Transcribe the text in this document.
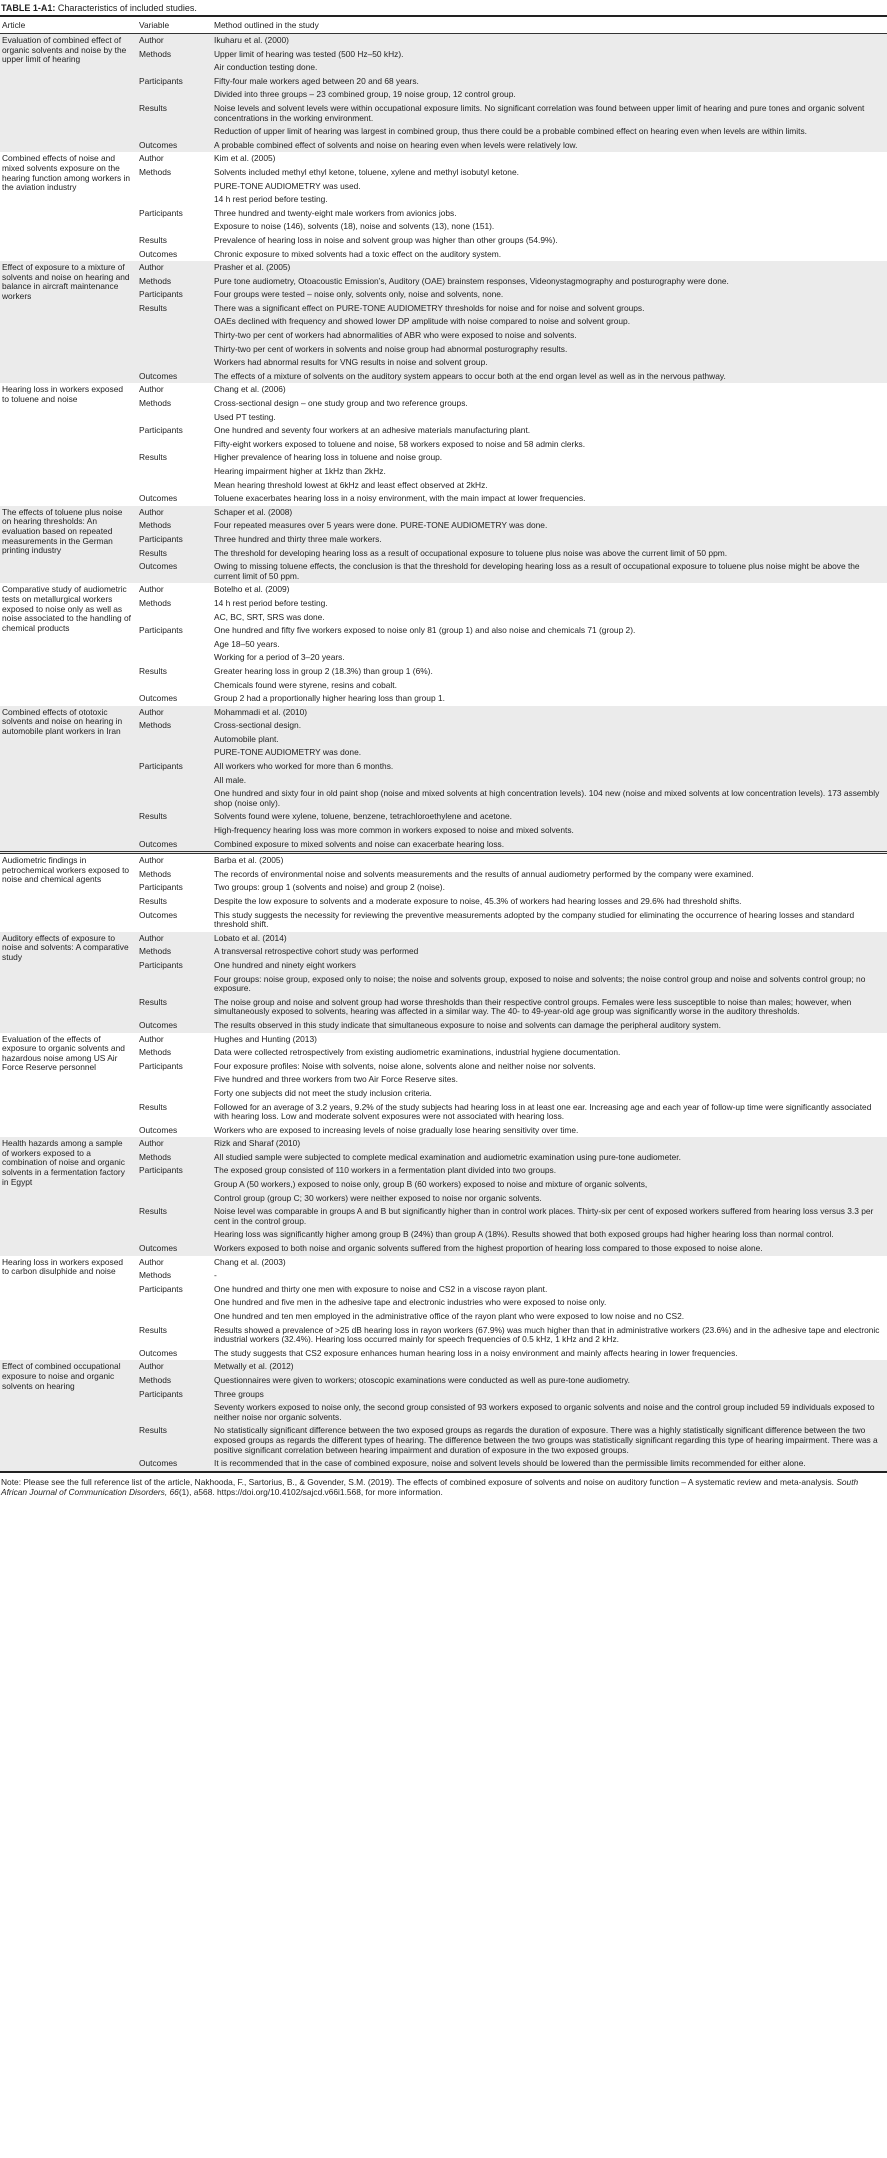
TABLE 1-A1: Characteristics of included studies.
Article	Variable	Method outlined in the study
Evaluation of combined effect of organic solvents and noise by the upper limit of hearing	Author	Ikuharu et al. (2000)
	Methods	Upper limit of hearing was tested (500 Hz–50 kHz).
		Air conduction testing done.
	Participants	Fifty-four male workers aged between 20 and 68 years.
		Divided into three groups – 23 combined group, 19 noise group, 12 control group.
	Results	Noise levels and solvent levels were within occupational exposure limits. No significant correlation was found between upper limit of hearing and pure tones and organic solvent concentrations in the working environment.
		Reduction of upper limit of hearing was largest in combined group, thus there could be a probable combined effect on hearing even when levels are within limits.
	Outcomes	A probable combined effect of solvents and noise on hearing even when levels were relatively low.
Combined effects of noise and mixed solvents exposure on the hearing function among workers in the aviation industry	Author	Kim et al. (2005)
	Methods	Solvents included methyl ethyl ketone, toluene, xylene and methyl isobutyl ketone.
		PURE-TONE AUDIOMETRY was used.
		14 h rest period before testing.
	Participants	Three hundred and twenty-eight male workers from avionics jobs.
		Exposure to noise (146), solvents (18), noise and solvents (13), none (151).
	Results	Prevalence of hearing loss in noise and solvent group was higher than other groups (54.9%).
	Outcomes	Chronic exposure to mixed solvents had a toxic effect on the auditory system.
Effect of exposure to a mixture of solvents and noise on hearing and balance in aircraft maintenance workers	Author	Prasher et al. (2005)
	Methods	Pure tone audiometry, Otoacoustic Emission’s, Auditory (OAE) brainstem responses, Videonystagmography and posturography were done.
	Participants	Four groups were tested – noise only, solvents only, noise and solvents, none.
	Results	There was a significant effect on PURE-TONE AUDIOMETRY thresholds for noise and for noise and solvent groups.
		OAEs declined with frequency and showed lower DP amplitude with noise compared to noise and solvent group.
		Thirty-two per cent of workers had abnormalities of ABR who were exposed to noise and solvents.
		Thirty-two per cent of workers in solvents and noise group had abnormal posturography results.
		Workers had abnormal results for VNG results in noise and solvent group.
	Outcomes	The effects of a mixture of solvents on the auditory system appears to occur both at the end organ level as well as in the nervous pathway.
Hearing loss in workers exposed to toluene and noise	Author	Chang et al. (2006)
	Methods	Cross-sectional design – one study group and two reference groups.
		Used PT testing.
	Participants	One hundred and seventy four workers at an adhesive materials manufacturing plant.
		Fifty-eight workers exposed to toluene and noise, 58 workers exposed to noise and 58 admin clerks.
	Results	Higher prevalence of hearing loss in toluene and noise group.
		Hearing impairment higher at 1kHz than 2kHz.
		Mean hearing threshold lowest at 6kHz and least effect observed at 2kHz.
	Outcomes	Toluene exacerbates hearing loss in a noisy environment, with the main impact at lower frequencies.
The effects of toluene plus noise on hearing thresholds: An evaluation based on repeated measurements in the German printing industry	Author	Schaper et al. (2008)
	Methods	Four repeated measures over 5 years were done. PURE-TONE AUDIOMETRY was done.
	Participants	Three hundred and thirty three male workers.
	Results	The threshold for developing hearing loss as a result of occupational exposure to toluene plus noise was above the current limit of 50 ppm.
	Outcomes	Owing to missing toluene effects, the conclusion is that the threshold for developing hearing loss as a result of occupational exposure to toluene plus noise might be above the current limit of 50 ppm.
Comparative study of audiometric tests on metallurgical workers exposed to noise only as well as noise associated to the handling of chemical products	Author	Botelho et al. (2009)
	Methods	14 h rest period before testing.
		AC, BC, SRT, SRS was done.
	Participants	One hundred and fifty five workers exposed to noise only 81 (group 1) and also noise and chemicals 71 (group 2).
		Age 18–50 years.
		Working for a period of 3–20 years.
	Results	Greater hearing loss in group 2 (18.3%) than group 1 (6%).
		Chemicals found were styrene, resins and cobalt.
	Outcomes	Group 2 had a proportionally higher hearing loss than group 1.
Combined effects of ototoxic solvents and noise on hearing in automobile plant workers in Iran	Author	Mohammadi et al. (2010)
	Methods	Cross-sectional design.
		Automobile plant.
		PURE-TONE AUDIOMETRY was done.
	Participants	All workers who worked for more than 6 months.
		All male.
		One hundred and sixty four in old paint shop (noise and mixed solvents at high concentration levels). 104 new (noise and mixed solvents at low concentration levels). 173 assembly shop (noise only).
	Results	Solvents found were xylene, toluene, benzene, tetrachloroethylene and acetone.
		High-frequency hearing loss was more common in workers exposed to noise and mixed solvents.
	Outcomes	Combined exposure to mixed solvents and noise can exacerbate hearing loss.
Audiometric findings in petrochemical workers exposed to noise and chemical agents	Author	Barba et al. (2005)
	Methods	The records of environmental noise and solvents measurements and the results of annual audiometry performed by the company were examined.
	Participants	Two groups: group 1 (solvents and noise) and group 2 (noise).
	Results	Despite the low exposure to solvents and a moderate exposure to noise, 45.3% of workers had hearing losses and 29.6% had threshold shifts.
	Outcomes	This study suggests the necessity for reviewing the preventive measurements adopted by the company studied for eliminating the occurrence of hearing losses and standard threshold shift.
Auditory effects of exposure to noise and solvents: A comparative study	Author	Lobato et al. (2014)
	Methods	A transversal retrospective cohort study was performed
	Participants	One hundred and ninety eight workers
		Four groups: noise group, exposed only to noise; the noise and solvents group, exposed to noise and solvents; the noise control group and noise and solvents control group; no exposure.
	Results	The noise group and noise and solvent group had worse thresholds than their respective control groups. Females were less susceptible to noise than males; however, when simultaneously exposed to solvents, hearing was affected in a similar way. The 40- to 49-year-old age group was significantly worse in the auditory thresholds.
	Outcomes	The results observed in this study indicate that simultaneous exposure to noise and solvents can damage the peripheral auditory system.
Evaluation of the effects of exposure to organic solvents and hazardous noise among US Air Force Reserve personnel	Author	Hughes and Hunting (2013)
	Methods	Data were collected retrospectively from existing audiometric examinations, industrial hygiene documentation.
	Participants	Four exposure profiles: Noise with solvents, noise alone, solvents alone and neither noise nor solvents.
		Five hundred and three workers from two Air Force Reserve sites.
		Forty one subjects did not meet the study inclusion criteria.
	Results	Followed for an average of 3.2 years, 9.2% of the study subjects had hearing loss in at least one ear. Increasing age and each year of follow-up time were significantly associated with hearing loss. Low and moderate solvent exposures were not associated with hearing loss.
	Outcomes	Workers who are exposed to increasing levels of noise gradually lose hearing sensitivity over time.
Health hazards among a sample of workers exposed to a combination of noise and organic solvents in a fermentation factory in Egypt	Author	Rizk and Sharaf (2010)
	Methods	All studied sample were subjected to complete medical examination and audiometric examination using pure-tone audiometer.
	Participants	The exposed group consisted of 110 workers in a fermentation plant divided into two groups.
		Group A (50 workers,) exposed to noise only, group B (60 workers) exposed to noise and mixture of organic solvents,
		Control group (group C; 30 workers) were neither exposed to noise nor organic solvents.
	Results	Noise level was comparable in groups A and B but significantly higher than in control work places. Thirty-six per cent of exposed workers suffered from hearing loss versus 3.3 per cent in the control group.
		Hearing loss was significantly higher among group B (24%) than group A (18%). Results showed that both exposed groups had higher hearing loss than normal control.
	Outcomes	Workers exposed to both noise and organic solvents suffered from the highest proportion of hearing loss compared to those exposed to noise alone.
Hearing loss in workers exposed to carbon disulphide and noise	Author	Chang et al. (2003)
	Methods	-
	Participants	One hundred and thirty one men with exposure to noise and CS2 in a viscose rayon plant.
		One hundred and five men in the adhesive tape and electronic industries who were exposed to noise only.
		One hundred and ten men employed in the administrative office of the rayon plant who were exposed to low noise and no CS2.
	Results	Results showed a prevalence of >25 dB hearing loss in rayon workers (67.9%) was much higher than that in administrative workers (23.6%) and in the adhesive tape and electronic industrial workers (32.4%). Hearing loss occurred mainly for speech frequencies of 0.5 kHz, 1 kHz and 2 kHz.
	Outcomes	The study suggests that CS2 exposure enhances human hearing loss in a noisy environment and mainly affects hearing in lower frequencies.
Effect of combined occupational exposure to noise and organic solvents on hearing	Author	Metwally et al. (2012)
	Methods	Questionnaires were given to workers; otoscopic examinations were conducted as well as pure-tone audiometry.
	Participants	Three groups
		Seventy workers exposed to noise only, the second group consisted of 93 workers exposed to organic solvents and noise and the control group included 59 individuals exposed to neither noise nor organic solvents.
	Results	No statistically significant difference between the two exposed groups as regards the duration of exposure. There was a highly statistically significant difference between the two exposed groups as regards the different types of hearing. The difference between the two groups was statistically significant regarding this type of hearing impairment. There was a positive significant correlation between hearing impairment and duration of exposure in the two exposed groups.
	Outcomes	It is recommended that in the case of combined exposure, noise and solvent levels should be lowered than the permissible limits recommended for either alone.
Note: Please see the full reference list of the article, Nakhooda, F., Sartorius, B., & Govender, S.M. (2019). The effects of combined exposure of solvents and noise on auditory function – A systematic review and meta-analysis. South African Journal of Communication Disorders, 66(1), a568. https://doi.org/10.4102/sajcd.v66i1.568, for more information.
